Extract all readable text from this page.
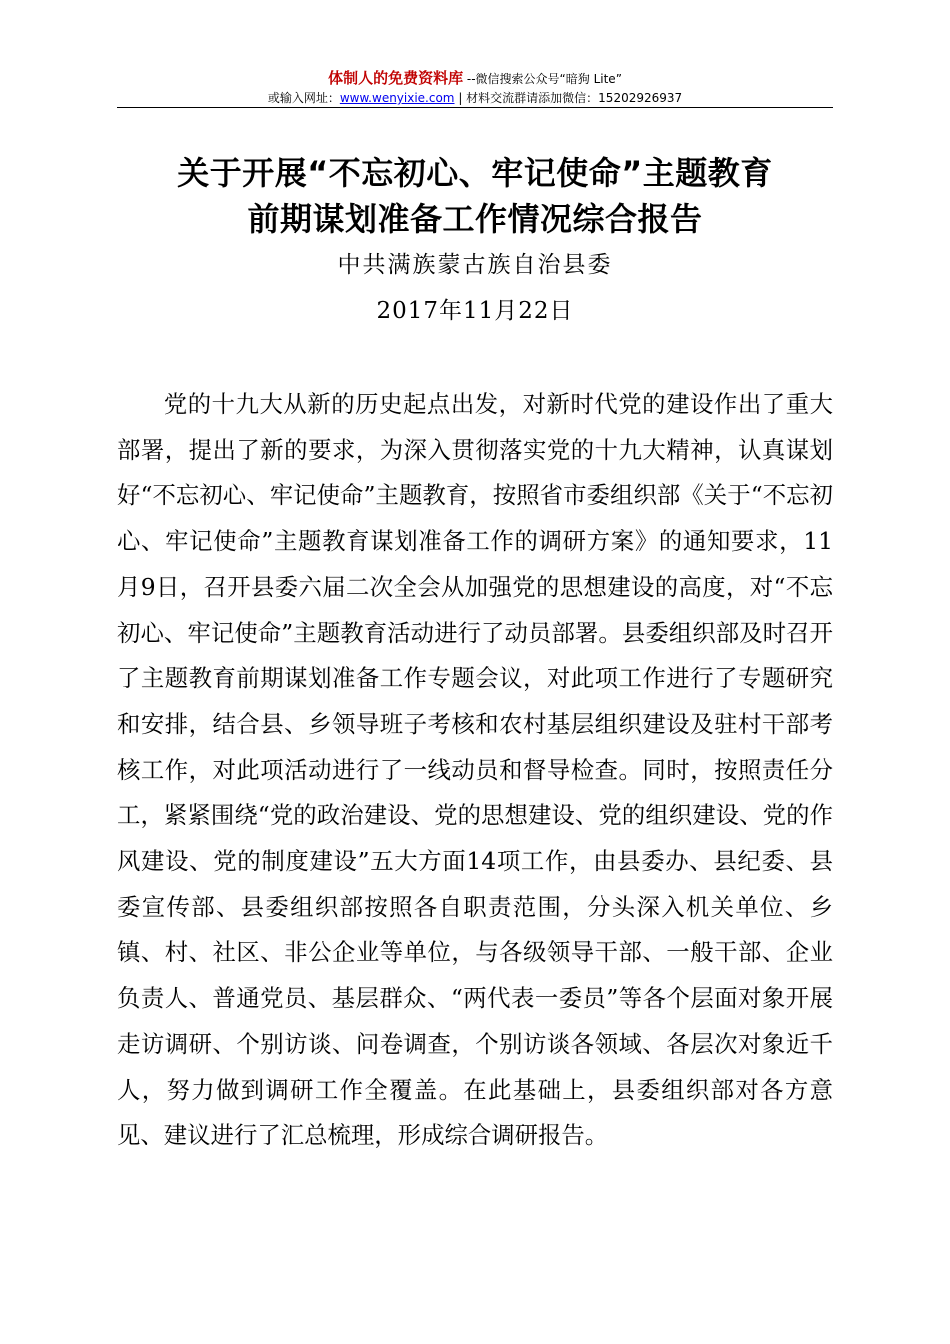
体制人的免费资料库 --微信搜索公众号“暗狗 Lite”
或输入网址：www.wenyixie.com | 材料交流群请添加微信：15202926937
关于开展“不忘初心、牢记使命”主题教育
前期谋划准备工作情况综合报告
中共满族蒙古族自治县委
2017年11月22日

党的十九大从新的历史起点出发，对新时代党的建设作出了重大部署，提出了新的要求，为深入贯彻落实党的十九大精神，认真谋划好“不忘初心、牢记使命”主题教育，按照省市委组织部《关于“不忘初心、牢记使命”主题教育谋划准备工作的调研方案》的通知要求，11月9日，召开县委六届二次全会从加强党的思想建设的高度，对“不忘初心、牢记使命”主题教育活动进行了动员部署。县委组织部及时召开了主题教育前期谋划准备工作专题会议，对此项工作进行了专题研究和安排，结合县、乡领导班子考核和农村基层组织建设及驻村干部考核工作，对此项活动进行了一线动员和督导检查。同时，按照责任分工，紧紧围绕“党的政治建设、党的思想建设、党的组织建设、党的作风建设、党的制度建设”五大方面14项工作，由县委办、县纪委、县委宣传部、县委组织部按照各自职责范围，分头深入机关单位、乡镇、村、社区、非公企业等单位，与各级领导干部、一般干部、企业负责人、普通党员、基层群众、“两代表一委员”等各个层面对象开展走访调研、个别访谈、问卷调查，个别访谈各领域、各层次对象近千人，努力做到调研工作全覆盖。在此基础上，县委组织部对各方意见、建议进行了汇总梳理，形成综合调研报告。
